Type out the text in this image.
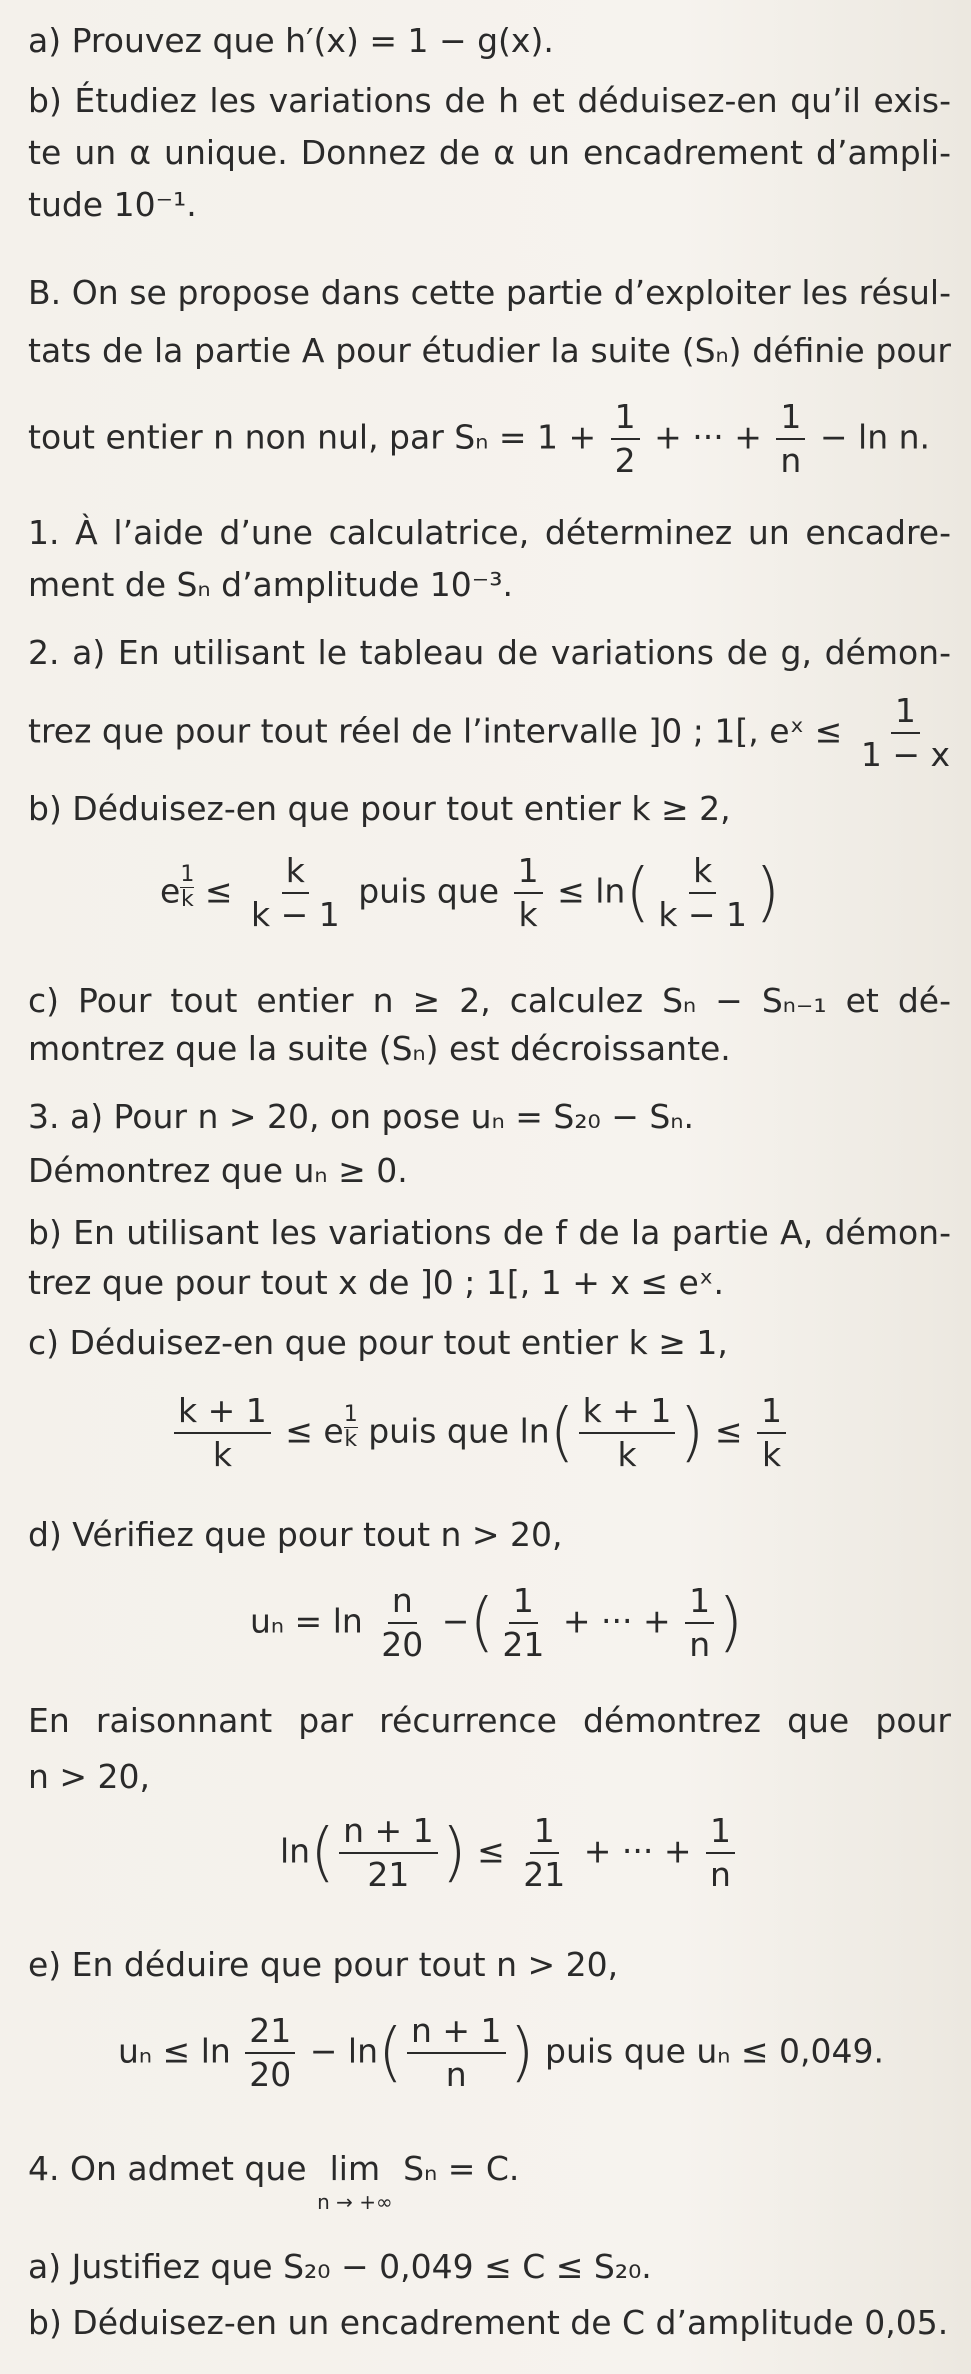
a) Prouvez que h′(x) = 1 − g(x).
b) Étudiez les variations de h et déduisez-en qu’il exis-
te un α unique. Donnez de α un encadrement d’ampli-
tude 10⁻¹.
B. On se propose dans cette partie d’exploiter les résul-
tats de la partie A pour étudier la suite (Sₙ) définie pour
tout entier n non nul, par $S_n = 1 + \frac{1}{2}$ + ··· + $\frac{1}{n} - \ln n$.
1. À l’aide d’une calculatrice, déterminez un encadre-
ment de Sₙ d’amplitude 10⁻³.
2. a) En utilisant le tableau de variations de g, démon-
trez que pour tout réel de l’intervalle ]0 ; 1[, eˣ ≤ $\frac{1}{1 - x}$
b) Déduisez-en que pour tout entier k ≥ 2,
e $\frac{1}{k} \le \frac{k}{k - 1}$ puis que $\frac{1}{k} \le \ln( \frac{k}{k - 1}$ )
c) Pour tout entier n ≥ 2, calculez Sₙ − Sₙ₋₁ et dé-
montrez que la suite (Sₙ) est décroissante.
3. a) Pour n > 20, on pose uₙ = S₂₀ − Sₙ.
Démontrez que uₙ ≥ 0.
b) En utilisant les variations de f de la partie A, démon-
trez que pour tout x de ]0 ; 1[, 1 + x ≤ eˣ.
c) Déduisez-en que pour tout entier k ≥ 1,
$\frac{k + 1}{k} \le e \frac{1}{k}$ puis que $\ln( \frac{k + 1}{k}$ ) ≤ $\frac{1}{k}$
d) Vérifiez que pour tout n > 20,
$u_n = \ln \frac{n}{20}$ −( $\frac{1}{21}$ + ··· + $\frac{1}{n}$ )
En raisonnant par récurrence démontrez que pour
n > 20,
$\ln( \frac{n + 1}{21}$ ) ≤ $\frac{1}{21}$ + ··· + $\frac{1}{n}$
e) En déduire que pour tout n > 20,
$u_n \le \ln \frac{21}{20} - \ln( \frac{n + 1}{n}$ ) puis que uₙ ≤ 0,049.
4. On admet que lim
n → +∞
Sₙ = C.
a) Justifiez que S₂₀ − 0,049 ≤ C ≤ S₂₀.
b) Déduisez-en un encadrement de C d’amplitude 0,05.
